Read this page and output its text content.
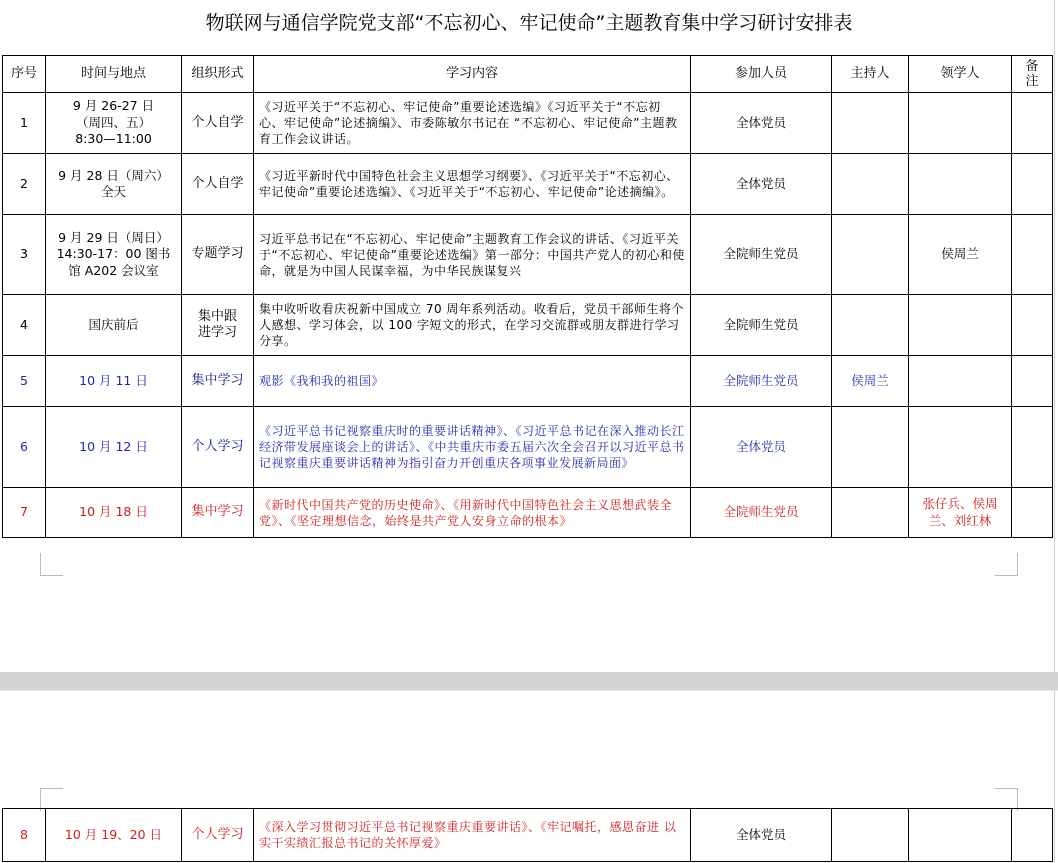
物联网与通信学院党支部“不忘初心、牢记使命”主题教育集中学习研讨安排表
序号	时间与地点	组织形式	学习内容	参加人员	主持人	领学人	备注
1	9 月 26-27 日（周四、五）8:30—11:00	个人自学	《习近平关于“不忘初心、牢记使命”重要论述选编》《习近平关于“不忘初心、牢记使命”论述摘编》、市委陈敏尔书记在 “不忘初心、牢记使命”主题教育工作会议讲话。	全体党员			
2	9 月 28 日（周六）全天	个人自学	《习近平新时代中国特色社会主义思想学习纲要》、《习近平关于“不忘初心、牢记使命”重要论述选编》、《习近平关于“不忘初心、牢记使命”论述摘编》。	全体党员			
3	9 月 29 日（周日）14:30-17：00 图书馆 A202 会议室	专题学习	习近平总书记在“不忘初心、牢记使命”主题教育工作会议的讲话、《习近平关于“不忘初心、牢记使命”重要论述选编》第一部分：中国共产党人的初心和使命，就是为中国人民谋幸福，为中华民族谋复兴	全院师生党员		侯周兰	
4	国庆前后	集中跟进学习	集中收听收看庆祝新中国成立 70 周年系列活动。收看后，党员干部师生将个人感想、学习体会，以 100 字短文的形式，在学习交流群或朋友群进行学习分享。	全院师生党员			
5	10 月 11 日	集中学习	观影《我和我的祖国》	全院师生党员	侯周兰		
6	10 月 12 日	个人学习	《习近平总书记视察重庆时的重要讲话精神》、《习近平总书记在深入推动长江经济带发展座谈会上的讲话》、《中共重庆市委五届六次全会召开以习近平总书记视察重庆重要讲话精神为指引奋力开创重庆各项事业发展新局面》	全体党员			
7	10 月 18 日	集中学习	《新时代中国共产党的历史使命》、《用新时代中国特色社会主义思想武装全党》、《坚定理想信念，始终是共产党人安身立命的根本》	全院师生党员		张仔兵、侯周兰、刘红林	
8	10 月 19、20 日	个人学习	《深入学习贯彻习近平总书记视察重庆重要讲话》、《牢记嘱托，感恩奋进 以实干实绩汇报总书记的关怀厚爱》	全体党员			
